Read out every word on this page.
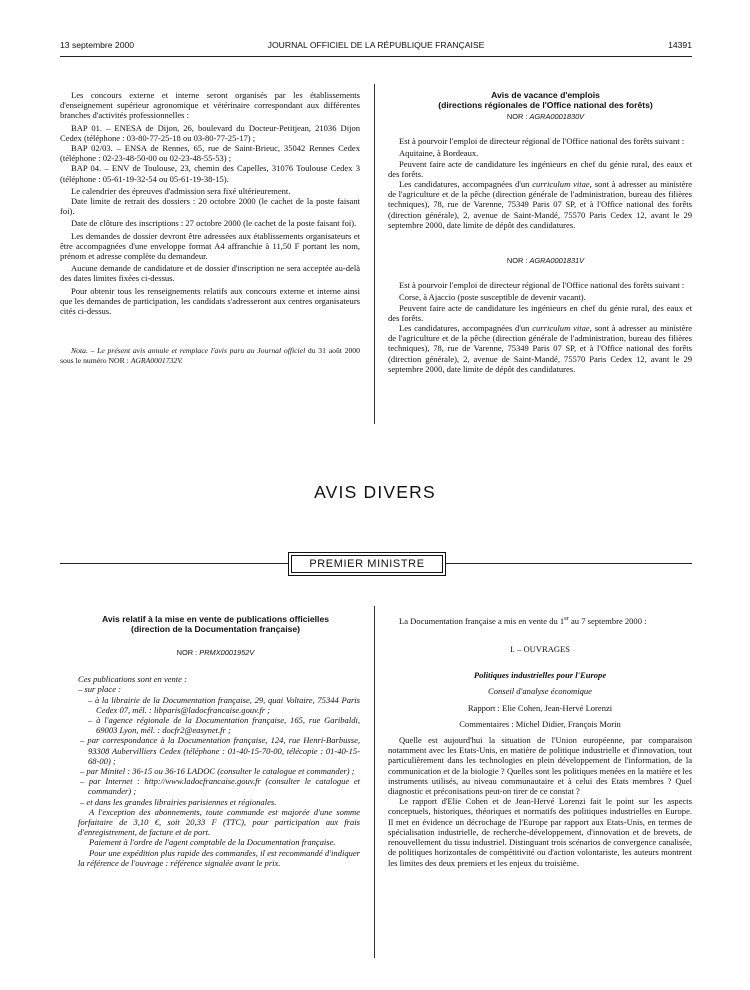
13 septembre 2000	JOURNAL OFFICIEL DE LA RÉPUBLIQUE FRANÇAISE	14391

Les concours externe et interne seront organisés par les établissements d'enseignement supérieur agronomique et vétérinaire correspondant aux différentes branches d'activités professionnelles :

BAP 01. – ENESA de Dijon, 26, boulevard du Docteur-Petitjean, 21036 Dijon Cedex (téléphone : 03-80-77-25-18 ou 03-80-77-25-17) ;

BAP 02/03. – ENSA de Rennes, 65, rue de Saint-Brieuc, 35042 Rennes Cedex (téléphone : 02-23-48-50-00 ou 02-23-48-55-53) ;

BAP 04. – ENV de Toulouse, 23, chemin des Capelles, 31076 Toulouse Cedex 3 (téléphone : 05-61-19-32-54 ou 05-61-19-38-15).

Le calendrier des épreuves d'admission sera fixé ultérieurement.

Date limite de retrait des dossiers : 20 octobre 2000 (le cachet de la poste faisant foi).

Date de clôture des inscriptions : 27 octobre 2000 (le cachet de la poste faisant foi).

Les demandes de dossier devront être adressées aux établissements organisateurs et être accompagnées d'une enveloppe format A4 affranchie à 11,50 F portant les nom, prénom et adresse complète du demandeur.

Aucune demande de candidature et de dossier d'inscription ne sera acceptée au-delà des dates limites fixées ci-dessus.

Pour obtenir tous les renseignements relatifs aux concours externe et interne ainsi que les demandes de participation, les candidats s'adresseront aux centres organisateurs cités ci-dessus.

Nota. – Le présent avis annule et remplace l'avis paru au Journal officiel du 31 août 2000 sous le numéro NOR : AGRA0001732V.

Avis de vacance d'emplois

(directions régionales de l'Office national des forêts)

NOR : AGRA0001830V

Est à pourvoir l'emploi de directeur régional de l'Office national des forêts suivant :

Aquitaine, à Bordeaux.

Peuvent faire acte de candidature les ingénieurs en chef du génie rural, des eaux et des forêts.

Les candidatures, accompagnées d'un curriculum vitae, sont à adresser au ministère de l'agriculture et de la pêche (direction générale de l'administration, bureau des filières techniques), 78, rue de Varenne, 75349 Paris 07 SP, et à l'Office national des forêts (direction générale), 2, avenue de Saint-Mandé, 75570 Paris Cedex 12, avant le 29 septembre 2000, date limite de dépôt des candidatures.

NOR : AGRA0001831V

Est à pourvoir l'emploi de directeur régional de l'Office national des forêts suivant :

Corse, à Ajaccio (poste susceptible de devenir vacant).

Peuvent faire acte de candidature les ingénieurs en chef du génie rural, des eaux et des forêts.

Les candidatures, accompagnées d'un curriculum vitae, sont à adresser au ministère de l'agriculture et de la pêche (direction générale de l'administration, bureau des filières techniques), 78, rue de Varenne, 75349 Paris 07 SP, et à l'Office national des forêts (direction générale), 2, avenue de Saint-Mandé, 75570 Paris Cedex 12, avant le 29 septembre 2000, date limite de dépôt des candidatures.

AVIS DIVERS
PREMIER MINISTRE

Avis relatif à la mise en vente de publications officielles

(direction de la Documentation française)

NOR : PRMX0001952V

Ces publications sont en vente :

– sur place :

– à la librairie de la Documentation française, 29, quai Voltaire, 75344 Paris Cedex 07, mél. : libparis@ladocfrancaise.gouv.fr ;

– à l'agence régionale de la Documentation française, 165, rue Garibaldi, 69003 Lyon, mél. : docfr2@easynet.fr ;

– par correspondance à la Documentation française, 124, rue Henri-Barbusse, 93308 Aubervilliers Cedex (téléphone : 01-40-15-70-00, télécopie : 01-40-15-68-00) ;

– par Minitel : 36-15 ou 36-16 LADOC (consulter le catalogue et commander) ;

– par Internet : http://www.ladocfrancaise.gouv.fr (consulter le catalogue et commander) ;

– et dans les grandes librairies parisiennes et régionales.

A l'exception des abonnements, toute commande est majorée d'une somme forfaitaire de 3,10 €, soit 20,33 F (TTC), pour participation aux frais d'enregistrement, de facture et de port.

Paiement à l'ordre de l'agent comptable de la Documentation française.

Pour une expédition plus rapide des commandes, il est recommandé d'indiquer la référence de l'ouvrage : référence signalée avant le prix.

La Documentation française a mis en vente du 1er au 7 septembre 2000 :

I. – OUVRAGES

Politiques industrielles pour l'Europe

Conseil d'analyse économique

Rapport : Elie Cohen, Jean-Hervé Lorenzi

Commentaires : Michel Didier, François Morin

Quelle est aujourd'hui la situation de l'Union européenne, par comparaison notamment avec les Etats-Unis, en matière de politique industrielle et d'innovation, tout particulièrement dans les technologies en plein développement de l'information, de la communication et de la biologie ? Quelles sont les politiques menées en la matière et les instruments utilisés, au niveau communautaire et à celui des Etats membres ? Quel diagnostic et préconisations peut-on tirer de ce constat ?

Le rapport d'Elie Cohen et de Jean-Hervé Lorenzi fait le point sur les aspects conceptuels, historiques, théoriques et normatifs des politiques industrielles en Europe. Il met en évidence un décrochage de l'Europe par rapport aux Etats-Unis, en termes de spécialisation industrielle, de recherche-développement, d'innovation et de brevets, de renouvellement du tissu industriel. Distinguant trois scénarios de convergence canalisée, de politiques horizontales de compétitivité ou d'action volontariste, les auteurs montrent les limites des deux premiers et les enjeux du troisième.
